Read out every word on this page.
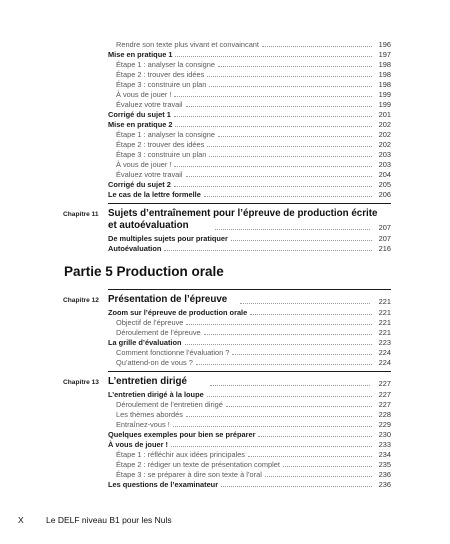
Rendre son texte plus vivant et convaincant	196
Mise en pratique 1	197
Étape 1 : analyser la consigne	198
Étape 2 : trouver des idées	198
Étape 3 : construire un plan	198
À vous de jouer !	199
Évaluez votre travail	199
Corrigé du sujet 1	201
Mise en pratique 2	202
Étape 1 : analyser la consigne	202
Étape 2 : trouver des idées	202
Étape 3 : construire un plan	203
À vous de jouer !	203
Évaluez votre travail	204
Corrigé du sujet 2	205
Le cas de la lettre formelle	206
Chapitre 11 Sujets d’entraînement pour l’épreuve de production écrite
et autoévaluation	207
De multiples sujets pour pratiquer	207
Autoévaluation	216
Partie 5 Production orale
Chapitre 12 Présentation de l’épreuve	221
Zoom sur l’épreuve de production orale	221
Objectif de l’épreuve	221
Déroulement de l’épreuve	221
La grille d’évaluation	223
Comment fonctionne l’évaluation ?	224
Qu’attend-on de vous ?	224
Chapitre 13 L’entretien dirigé	227
L’entretien dirigé à la loupe	227
Déroulement de l’entretien dirigé	227
Les thèmes abordés	228
Entraînez-vous !	229
Quelques exemples pour bien se préparer	230
À vous de jouer !	233
Étape 1 : réfléchir aux idées principales	234
Étape 2 : rédiger un texte de présentation complet	235
Étape 3 : se préparer à dire son texte à l’oral	236
Les questions de l’examinateur	236
X	Le DELF niveau B1 pour les Nuls
